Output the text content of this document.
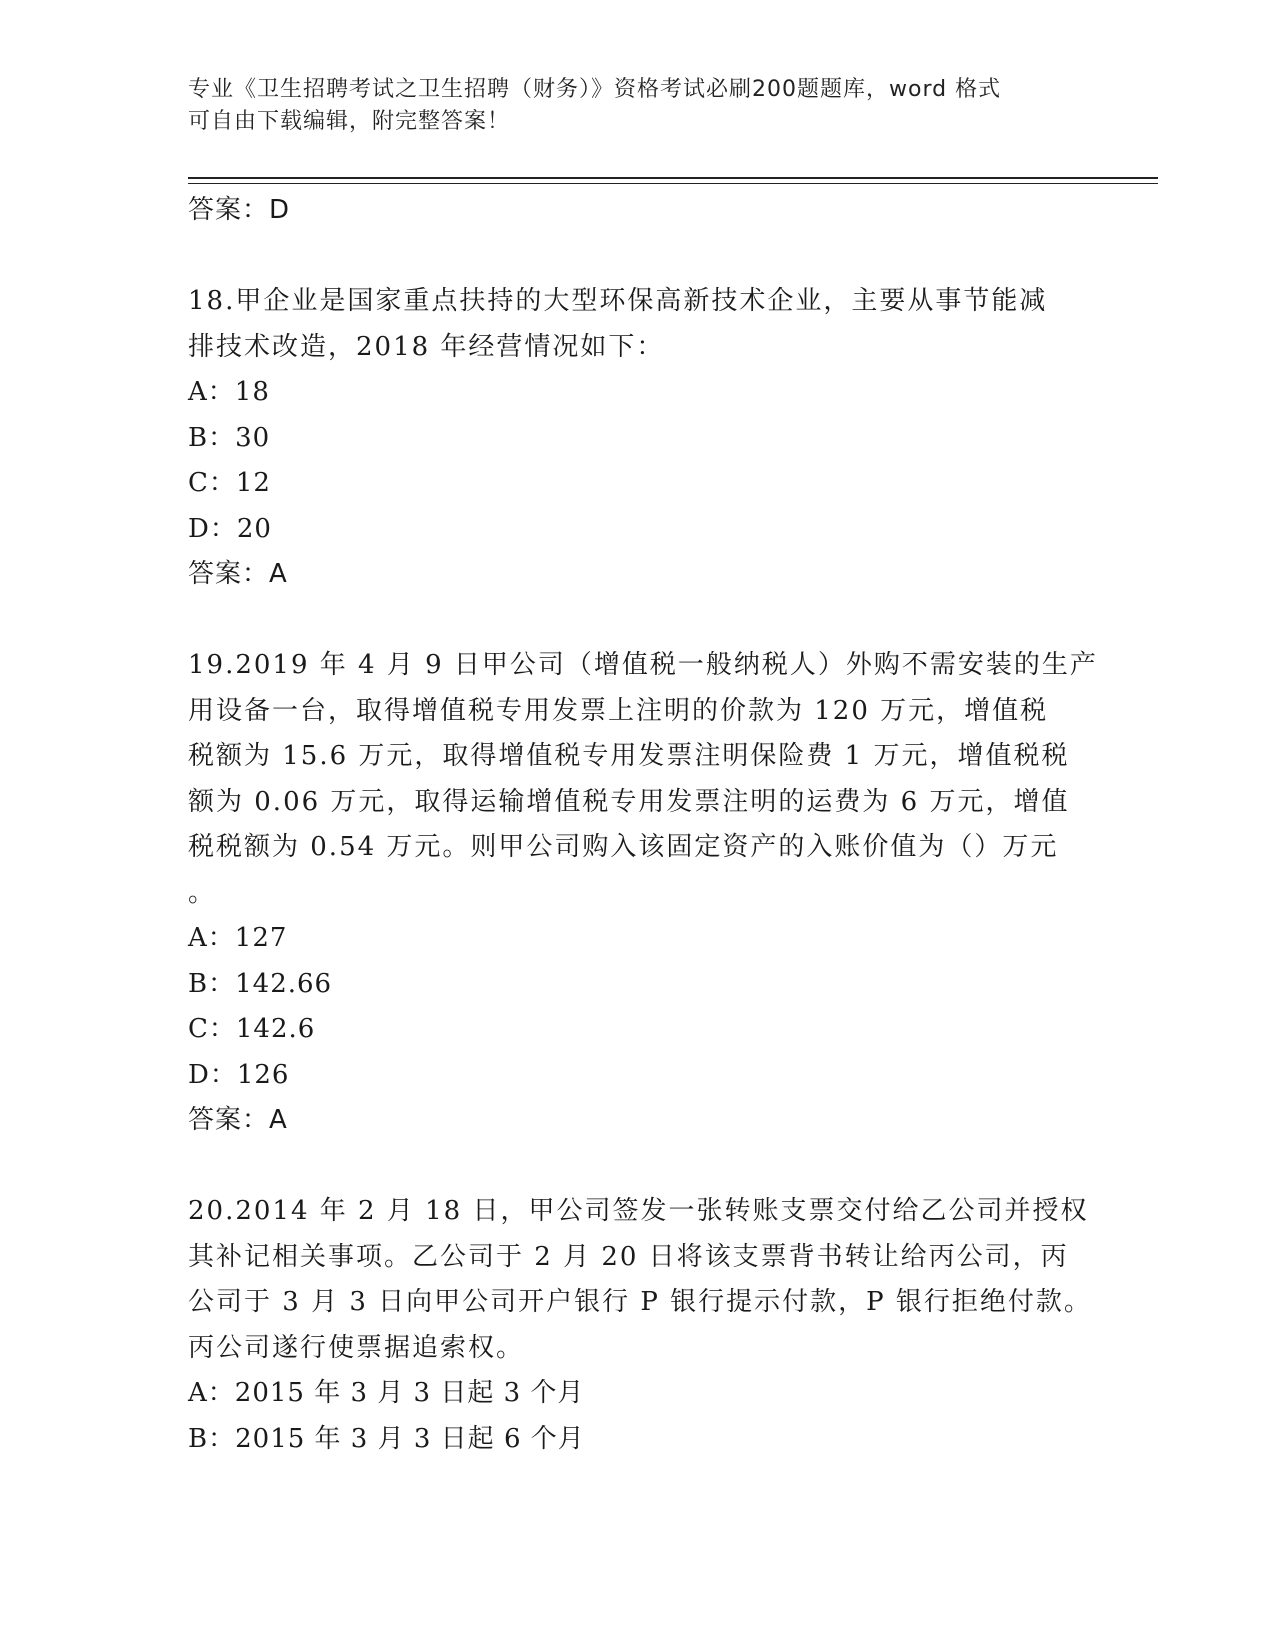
专业《卫生招聘考试之卫生招聘（财务）》资格考试必刷200题题库，word 格式
可自由下载编辑，附完整答案！
答案：D
18.甲企业是国家重点扶持的大型环保高新技术企业，主要从事节能减
排技术改造，2018 年经营情况如下：
A：18
B：30
C：12
D：20
答案：A
19.2019 年 4 月 9 日甲公司（增值税一般纳税人）外购不需安装的生产
用设备一台，取得增值税专用发票上注明的价款为 120 万元，增值税
税额为 15.6 万元，取得增值税专用发票注明保险费 1 万元，增值税税
额为 0.06 万元，取得运输增值税专用发票注明的运费为 6 万元，增值
税税额为 0.54 万元。则甲公司购入该固定资产的入账价值为（）万元
。
A：127
B：142.66
C：142.6
D：126
答案：A
20.2014 年 2 月 18 日，甲公司签发一张转账支票交付给乙公司并授权
其补记相关事项。乙公司于 2 月 20 日将该支票背书转让给丙公司，丙
公司于 3 月 3 日向甲公司开户银行 P 银行提示付款，P 银行拒绝付款。
丙公司遂行使票据追索权。
A：2015 年 3 月 3 日起 3 个月
B：2015 年 3 月 3 日起 6 个月
